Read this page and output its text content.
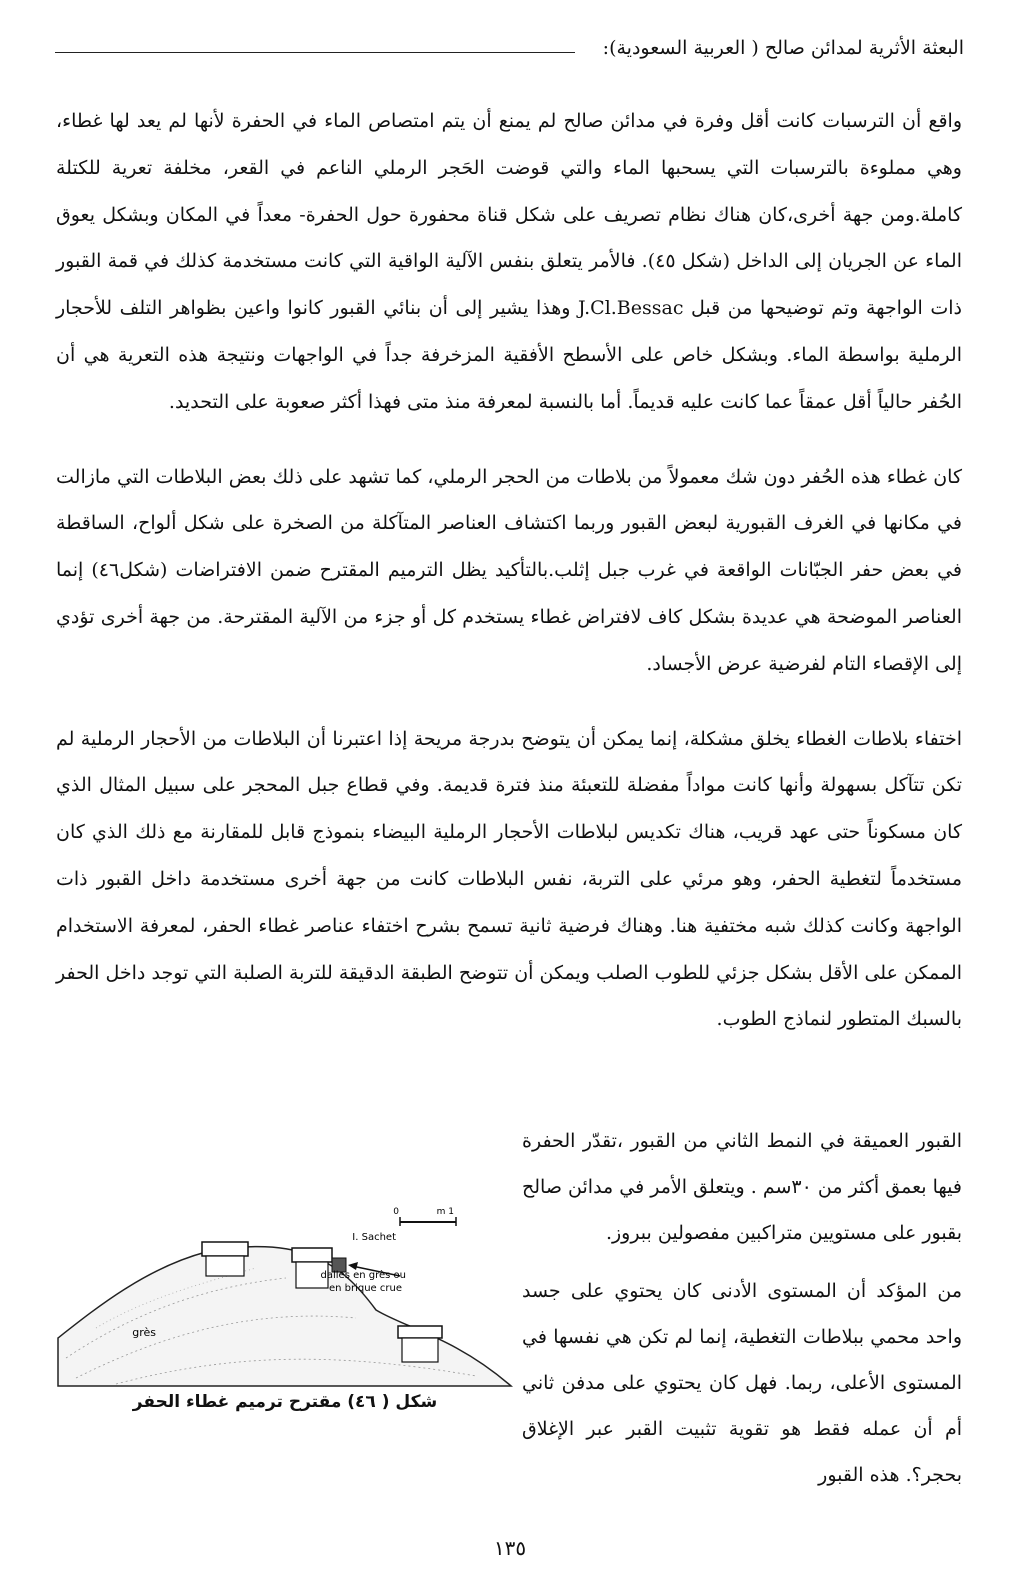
البعثة الأثرية لمدائن صالح ( العربية السعودية):

واقع أن الترسبات كانت أقل وفرة في مدائن صالح لم يمنع أن يتم امتصاص الماء في الحفرة لأنها لم يعد لها غطاء، وهي مملوءة بالترسبات التي يسحبها الماء والتي قوضت الحَجر الرملي الناعم في القعر، مخلفة تعرية للكتلة كاملة.ومن جهة أخرى،كان هناك نظام تصريف على شكل قناة محفورة حول الحفرة- معداً في المكان وبشكل يعوق الماء عن الجريان إلى الداخل (شكل ٤٥). فالأمر يتعلق بنفس الآلية الواقية التي كانت مستخدمة كذلك في قمة القبور ذات الواجهة وتم توضيحها من قبل J.Cl.Bessac وهذا يشير إلى أن بنائي القبور كانوا واعين بظواهر التلف للأحجار الرملية بواسطة الماء. وبشكل خاص على الأسطح الأفقية المزخرفة جداً في الواجهات ونتيجة هذه التعرية هي أن الحُفر حالياً أقل عمقاً عما كانت عليه قديماً. أما بالنسبة لمعرفة منذ متى فهذا أكثر صعوبة على التحديد.

كان غطاء هذه الحُفر دون شك معمولاً من بلاطات من الحجر الرملي، كما تشهد على ذلك بعض البلاطات التي مازالت في مكانها في الغرف القبورية لبعض القبور وربما اكتشاف العناصر المتآكلة من الصخرة على شكل ألواح، الساقطة في بعض حفر الجبّانات الواقعة في غرب جبل إثلب.بالتأكيد يظل الترميم المقترح ضمن الافتراضات (شكل٤٦) إنما العناصر الموضحة هي عديدة بشكل كاف لافتراض غطاء يستخدم كل أو جزء من الآلية المقترحة. من جهة أخرى تؤدي إلى الإقصاء التام لفرضية عرض الأجساد.

اختفاء بلاطات الغطاء يخلق مشكلة، إنما يمكن أن يتوضح بدرجة مريحة إذا اعتبرنا أن البلاطات من الأحجار الرملية لم تكن تتآكل بسهولة وأنها كانت مواداً مفضلة للتعبئة منذ فترة قديمة. وفي قطاع جبل المحجر على سبيل المثال الذي كان مسكوناً حتى عهد قريب، هناك تكديس لبلاطات الأحجار الرملية البيضاء بنموذج قابل للمقارنة مع ذلك الذي كان مستخدماً لتغطية الحفر، وهو مرئي على التربة، نفس البلاطات كانت من جهة أخرى مستخدمة داخل القبور ذات الواجهة وكانت كذلك شبه مختفية هنا. وهناك فرضية ثانية تسمح بشرح اختفاء عناصر غطاء الحفر، لمعرفة الاستخدام الممكن على الأقل بشكل جزئي للطوب الصلب ويمكن أن تتوضح الطبقة الدقيقة للتربة الصلبة التي توجد داخل الحفر بالسبك المتطور لنماذج الطوب.

القبور العميقة في النمط الثاني من القبور ،تقدّر الحفرة فيها بعمق أكثر من ٣٠سم . ويتعلق الأمر في مدائن صالح بقبور على مستويين متراكبين مفصولين ببروز.

من المؤكد أن المستوى الأدنى كان يحتوي على جسد واحد محمي ببلاطات التغطية، إنما لم تكن هي نفسها في المستوى الأعلى، ربما. فهل كان يحتوي على مدفن ثاني أم أن عمله فقط هو تقوية تثبيت القبر عبر الإغلاق بحجر؟. هذه القبور

0	1 m
I. Sachet
dalles en grès ou
en brique crue
grès
شكل ( ٤٦) مقترح ترميم غطاء الحفر
١٣٥
